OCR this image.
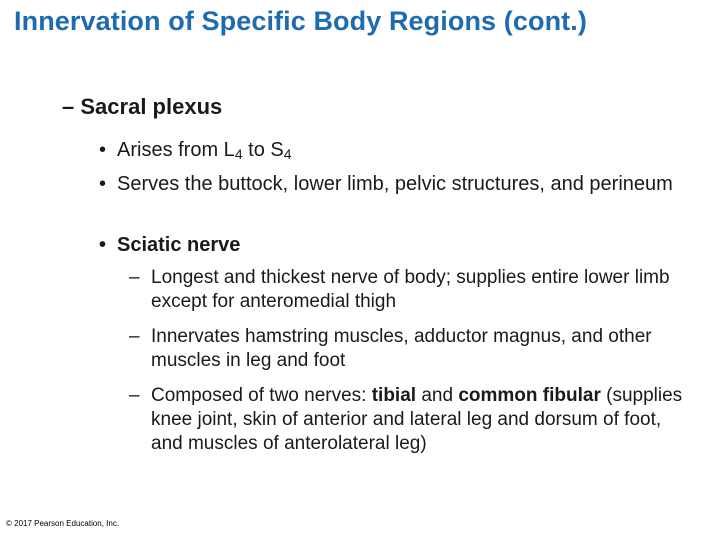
Innervation of Specific Body Regions (cont.)
– Sacral plexus
• Arises from $L_4$ to $S_4$
• Serves the buttock, lower limb, pelvic structures, and perineum
• Sciatic nerve
– Longest and thickest nerve of body; supplies entire lower limb except for anteromedial thigh
– Innervates hamstring muscles, adductor magnus, and other  muscles in leg and foot
– Composed of two nerves: tibial and common fibular (supplies knee joint, skin of anterior and lateral leg and dorsum of foot, and muscles of anterolateral leg)
© 2017 Pearson Education, Inc.
